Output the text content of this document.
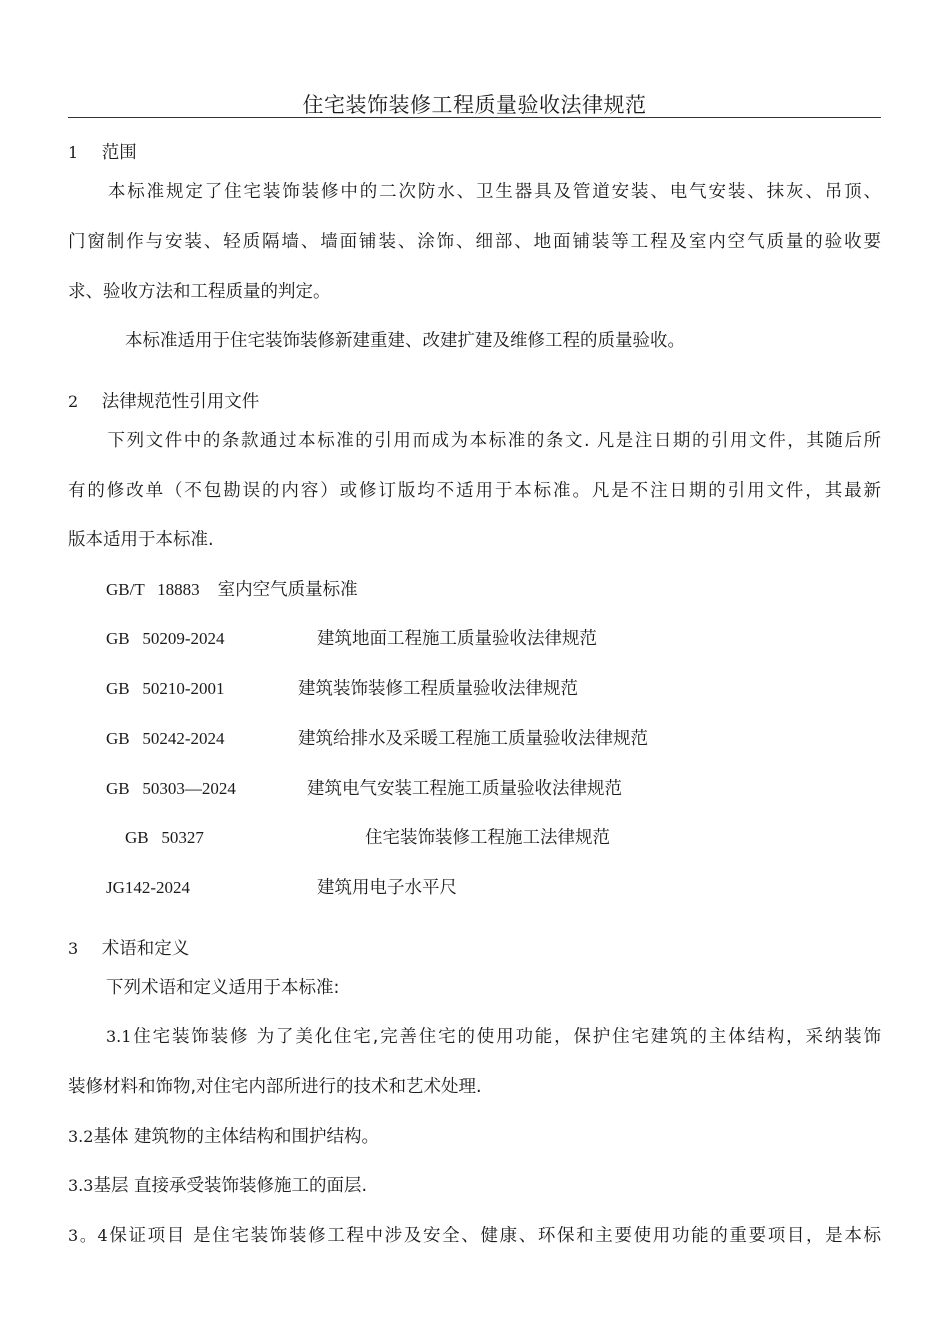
住宅装饰装修工程质量验收法律规范
1 范围
本标准规定了住宅装饰装修中的二次防水、卫生器具及管道安装、电气安装、抹灰、吊顶、
门窗制作与安装、轻质隔墙、墙面铺装、涂饰、细部、地面铺装等工程及室内空气质量的验收要
求、验收方法和工程质量的判定。
本标准适用于住宅装饰装修新建重建、改建扩建及维修工程的质量验收。
2 法律规范性引用文件
下列文件中的条款通过本标准的引用而成为本标准的条文. 凡是注日期的引用文件，其随后所
有的修改单（不包勘误的内容）或修订版均不适用于本标准。凡是不注日期的引用文件，其最新
版本适用于本标准.
GB/T   18883 室内空气质量标准
GB   50209-2024	建筑地面工程施工质量验收法律规范
GB   50210-2001	建筑装饰装修工程质量验收法律规范
GB   50242-2024	建筑给排水及采暖工程施工质量验收法律规范
GB   50303—2024	建筑电气安装工程施工质量验收法律规范
GB   50327	住宅装饰装修工程施工法律规范
JG142-2024	建筑用电子水平尺
3 术语和定义
下列术语和定义适用于本标准:
3.1住宅装饰装修 为了美化住宅,完善住宅的使用功能，保护住宅建筑的主体结构，采纳装饰
装修材料和饰物,对住宅内部所进行的技术和艺术处理.
3.2基体 建筑物的主体结构和围护结构。
3.3基层 直接承受装饰装修施工的面层.
3。4保证项目 是住宅装饰装修工程中涉及安全、健康、环保和主要使用功能的重要项目，是本标
